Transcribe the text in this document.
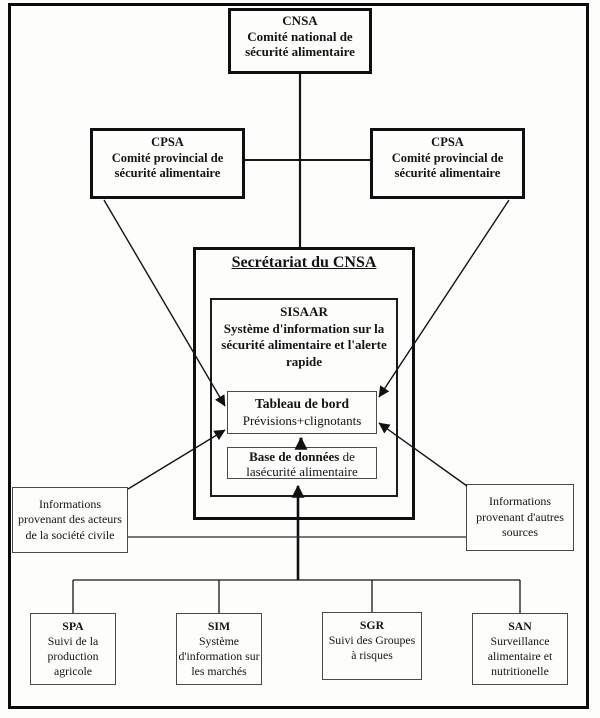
CNSA
Comité national de
sécurité alimentaire
CPSA
Comité provincial de
sécurité alimentaire
CPSA
Comité provincial de
sécurité alimentaire
Secrétariat du CNSA
SISAAR
Système d'information sur la
sécurité alimentaire et l'alerte
rapide
Tableau de bord
Prévisions+clignotants
Base de données de lasécurité alimentaire
Informations
provenant des acteurs
de la société civile
Informations
provenant d'autres
sources
SPA
Suivi de la
production
agricole
SIM
Système
d'information sur
les marchés
SGR
Suivi des Groupes
à risques
SAN
Surveillance
alimentaire et
nutritionelle
